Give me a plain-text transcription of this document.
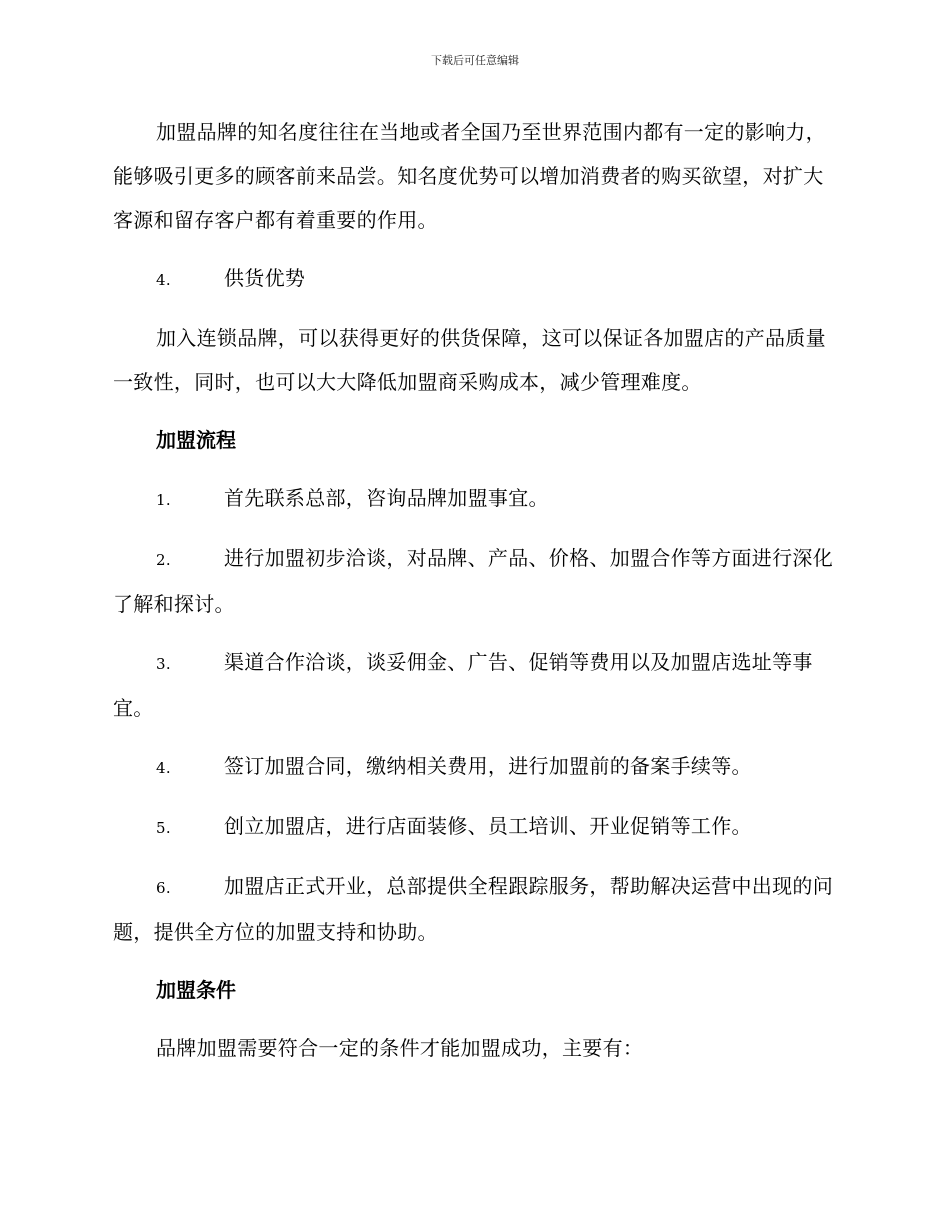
下载后可任意编辑

加盟品牌的知名度往往在当地或者全国乃至世界范围内都有一定的影响力，能够吸引更多的顾客前来品尝。知名度优势可以增加消费者的购买欲望，对扩大客源和留存客户都有着重要的作用。

4.	供货优势

加入连锁品牌，可以获得更好的供货保障，这可以保证各加盟店的产品质量一致性，同时，也可以大大降低加盟商采购成本，减少管理难度。

加盟流程

1.	首先联系总部，咨询品牌加盟事宜。

2.	进行加盟初步洽谈，对品牌、产品、价格、加盟合作等方面进行深化了解和探讨。

3.	渠道合作洽谈，谈妥佣金、广告、促销等费用以及加盟店选址等事宜。

4.	签订加盟合同，缴纳相关费用，进行加盟前的备案手续等。

5.	创立加盟店，进行店面装修、员工培训、开业促销等工作。

6.	加盟店正式开业，总部提供全程跟踪服务，帮助解决运营中出现的问题，提供全方位的加盟支持和协助。

加盟条件

品牌加盟需要符合一定的条件才能加盟成功，主要有：
